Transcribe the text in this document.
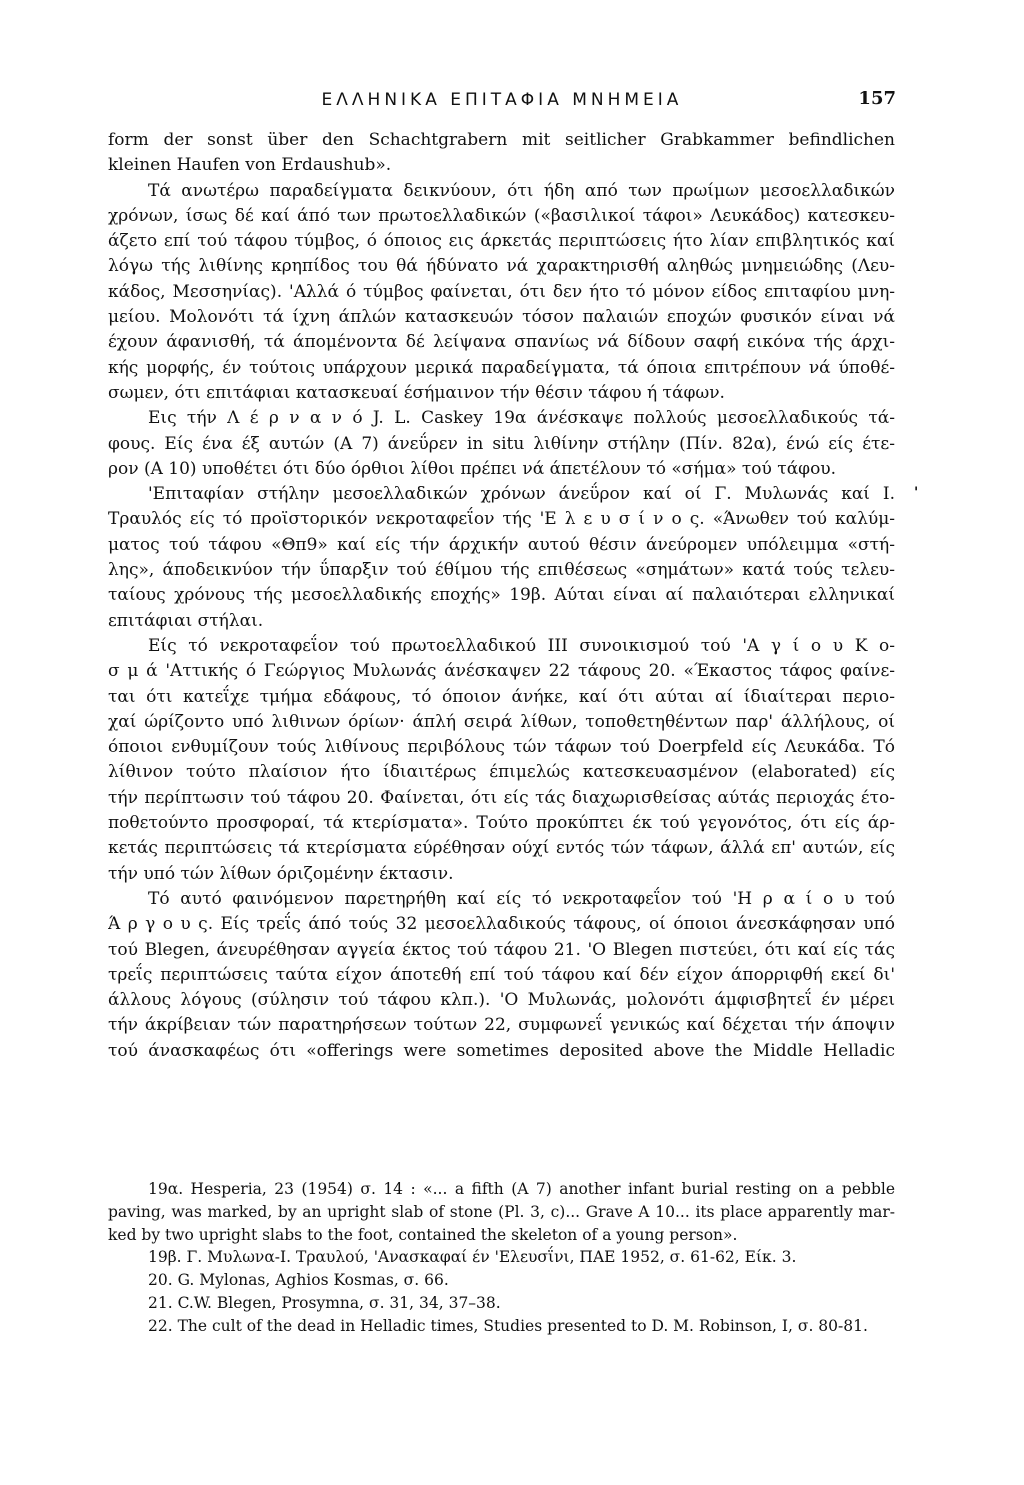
ΕΛΛΗΝΙΚΑ ΕΠΙΤΑΦΙΑ ΜΝΗΜΕΙΑ	157
form der sonst über den Schachtgrabern mit seitlicher Grabkammer befindlichen
kleinen Haufen von Erdaushub».
Τά ανωτέρω παραδείγματα δεικνύουν, ότι ήδη από των πρωίμων μεσοελλαδικών
χρόνων, ίσως δέ καί άπό των πρωτοελλαδικών («βασιλικοί τάφοι» Λευκάδος) κατεσκευ-
άζετο επί τού τάφου τύμβος, ό όποιος εις άρκετάς περιπτώσεις ήτο λίαν επιβλητικός καί
λόγω τής λιθίνης κρηπίδος του θά ήδύνατο νά χαρακτηρισθή αληθώς μνημειώδης (Λευ-
κάδος, Μεσσηνίας). 'Αλλά ό τύμβος φαίνεται, ότι δεν ήτο τό μόνον είδος επιταφίου μνη-
μείου. Μολονότι τά ίχνη άπλών κατασκευών τόσον παλαιών εποχών φυσικόν είναι νά
έχουν άφανισθή, τά άπομένοντα δέ λείψανα σπανίως νά δίδουν σαφή εικόνα τής άρχι-
κής μορφής, έν τούτοις υπάρχουν μερικά παραδείγματα, τά όποια επιτρέπουν νά ύποθέ-
σωμεν, ότι επιτάφιαι κατασκευαί έσήμαινον τήν θέσιν τάφου ή τάφων.
Εις τήν Λ έ ρ ν α ν ό J. L. Caskey 19α άνέσκαψε πολλούς μεσοελλαδικούς τά-
φους. Είς ένα έξ αυτών (Α 7) άνεΰρεν in situ λιθίνην στήλην (Πίν. 82α), ένώ είς έτε-
ρον (Α 10) υποθέτει ότι δύο όρθιοι λίθοι πρέπει νά άπετέλουν τό «σήμα» τού τάφου.
'Επιταφίαν στήλην μεσοελλαδικών χρόνων άνεΰρον καί οί Γ. Μυλωνάς καί I.
Τραυλός είς τό προϊστορικόν νεκροταφεΐον τής 'Ε λ ε υ σ ί ν ο ς. «Άνωθεν τού καλύμ-
ματος τού τάφου «Θπ9» καί είς τήν άρχικήν αυτού θέσιν άνεύρομεν υπόλειμμα «στή-
λης», άποδεικνύον τήν ΰπαρξιν τού έθίμου τής επιθέσεως «σημάτων» κατά τούς τελευ-
ταίους χρόνους τής μεσοελλαδικής εποχής» 19β. Αύται είναι αί παλαιότεραι ελληνικαί
επιτάφιαι στήλαι.
Είς τό νεκροταφεΐον τού πρωτοελλαδικού III συνοικισμού τού 'Α γ ί ο υ Κ ο-
σ μ ά 'Αττικής ό Γεώργιος Μυλωνάς άνέσκαψεν 22 τάφους 20. «Έκαστος τάφος φαίνε-
ται ότι κατεΐχε τμήμα εδάφους, τό όποιον άνήκε, καί ότι αύται αί ίδιαίτεραι περιο-
χαί ώρίζοντο υπό λιθινων όρίων· άπλή σειρά λίθων, τοποθετηθέντων παρ' άλλήλους, οί
όποιοι ενθυμίζουν τούς λιθίνους περιβόλους τών τάφων τού Doerpfeld είς Λευκάδα. Τό
λίθινον τούτο πλαίσιον ήτο ίδιαιτέρως έπιμελώς κατεσκευασμένον (elaborated) είς
τήν περίπτωσιν τού τάφου 20. Φαίνεται, ότι είς τάς διαχωρισθείσας αύτάς περιοχάς έτο-
ποθετούντο προσφοραί, τά κτερίσματα». Τούτο προκύπτει έκ τού γεγονότος, ότι είς άρ-
κετάς περιπτώσεις τά κτερίσματα εύρέθησαν ούχί εντός τών τάφων, άλλά επ' αυτών, είς
τήν υπό τών λίθων όριζομένην έκτασιν.
Τό αυτό φαινόμενον παρετηρήθη καί είς τό νεκροταφεΐον τού 'Η ρ α ί ο υ τού
Ά ρ γ ο υ ς. Είς τρεΐς άπό τούς 32 μεσοελλαδικούς τάφους, οί όποιοι άνεσκάφησαν υπό
τού Blegen, άνευρέθησαν αγγεία έκτος τού τάφου 21. 'Ο Blegen πιστεύει, ότι καί είς τάς
τρεΐς περιπτώσεις ταύτα είχον άποτεθή επί τού τάφου καί δέν είχον άπορριφθή εκεί δι'
άλλους λόγους (σύλησιν τού τάφου κλπ.). 'Ο Μυλωνάς, μολονότι άμφισβητεΐ έν μέρει
τήν άκρίβειαν τών παρατηρήσεων τούτων 22, συμφωνεΐ γενικώς καί δέχεται τήν άποψιν
τού άνασκαφέως ότι «offerings were sometimes deposited above the Middle Helladic
'
19α. Hesperia, 23 (1954) σ. 14 : «... a fifth (A 7) another infant burial resting on a pebble
paving, was marked, by an upright slab of stone (Pl. 3, c)... Grave A 10... its place apparently mar-
ked by two upright slabs to the foot, contained the skeleton of a young person».
19β. Γ. Μυλωνα-Ι. Τραυλού, 'Ανασκαφαί έν 'Ελευσΐνι, ΠΑΕ 1952, σ. 61-62, Είκ. 3.
20. G. Mylonas, Aghios Kosmas, σ. 66.
21. C.W. Blegen, Prosymna, σ. 31, 34, 37–38.
22. The cult of the dead in Helladic times, Studies presented to D. M. Robinson, I, σ. 80-81.
